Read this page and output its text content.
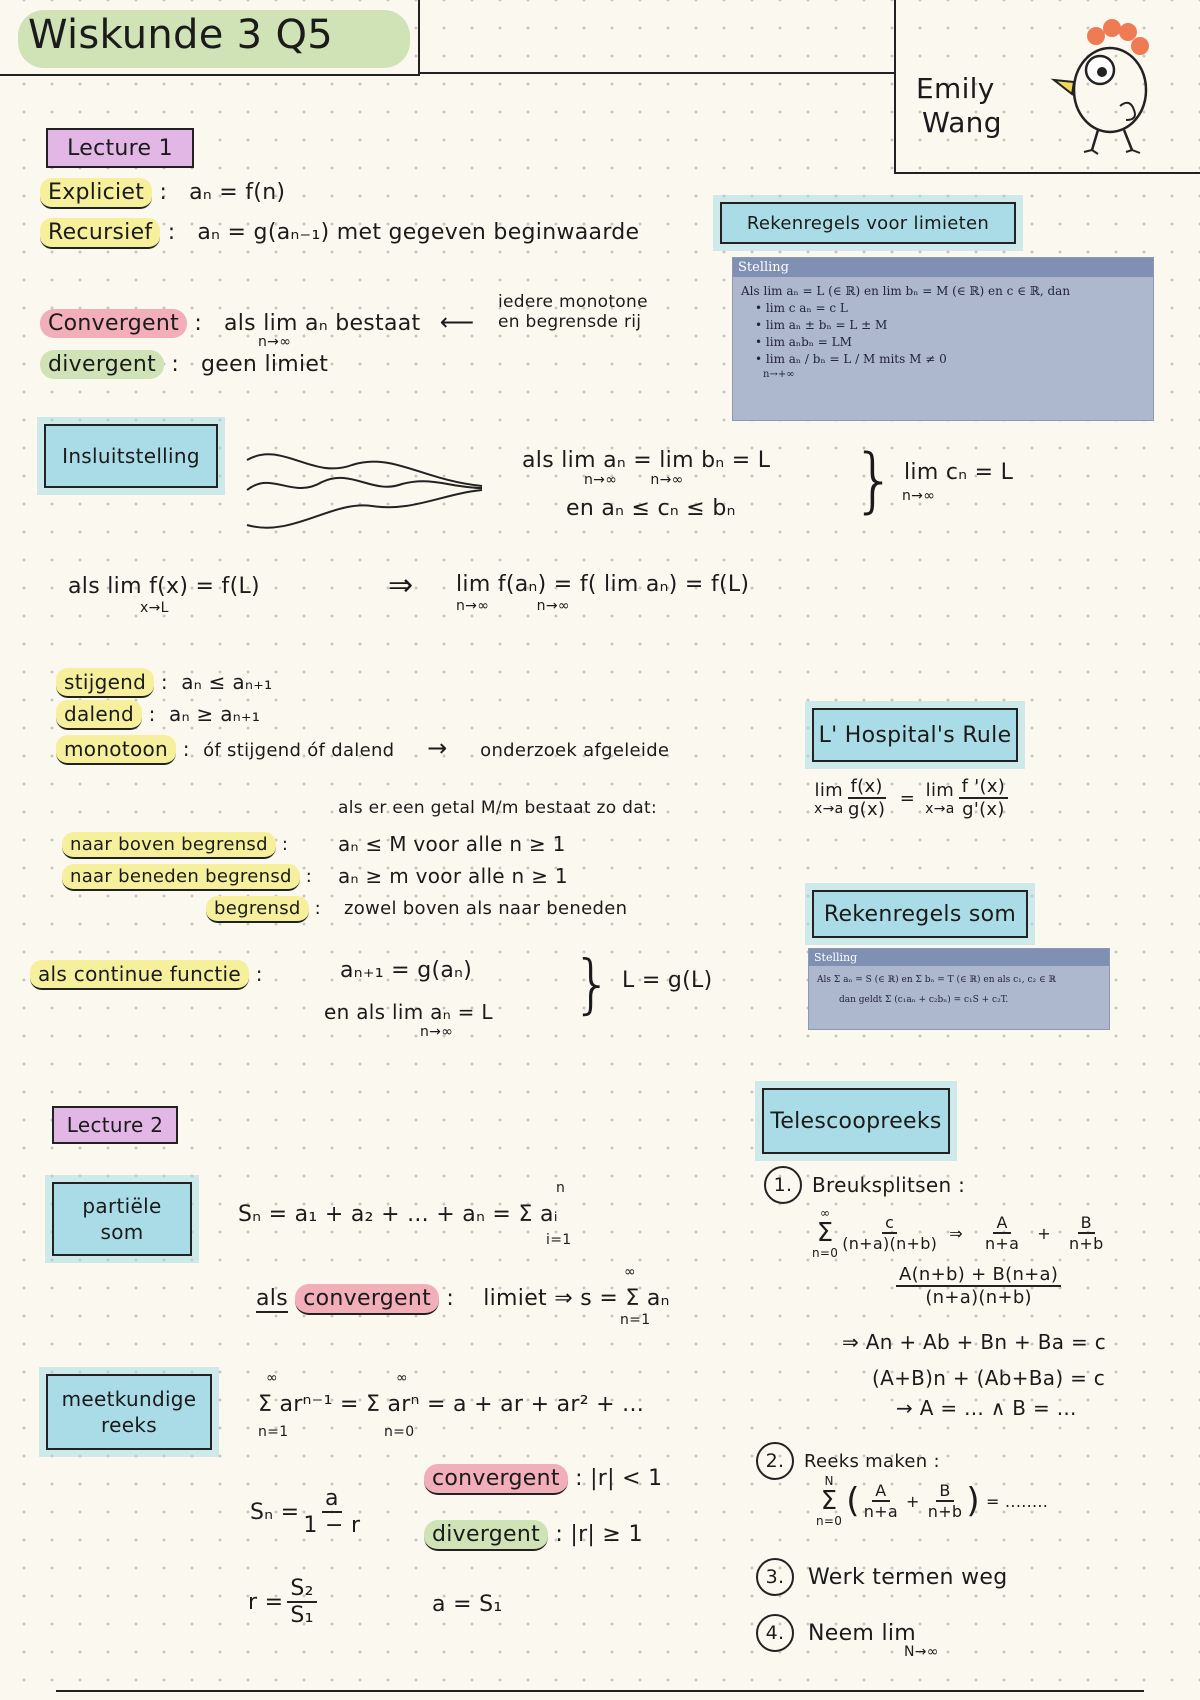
Wiskunde 3 Q5
Emily
Wang
Lecture 1
Expliciet :   aₙ = f(n)
Recursief :   aₙ = g(aₙ₋₁) met gegeven beginwaarde
Convergent :   als lim aₙ bestaat ⟵
n→∞
iedere monotone
en begrensde rij
divergent :   geen limiet
Insluitstelling	als lim aₙ = lim bₙ = L
n→∞       n→∞
en aₙ ≤ cₙ ≤ bₙ } lim cₙ = L
n→∞
als lim f(x) = f(L)
x→L
⇒ lim f(aₙ) = f( lim aₙ) = f(L)
n→∞          n→∞
stijgend :  aₙ ≤ aₙ₊₁
dalend :  aₙ ≥ aₙ₊₁
monotoon :  óf stijgend óf dalend → onderzoek afgeleide
als er een getal M/m bestaat zo dat:
naar boven begrensd : aₙ ≤ M voor alle n ≥ 1
naar beneden begrensd : aₙ ≥ m voor alle n ≥ 1
begrensd : zowel boven als naar beneden
als continue functie :	aₙ₊₁ = g(aₙ)
en als lim aₙ = L
n→∞
} L = g(L)
Rekenregels voor limieten
Stelling
Als lim aₙ = L (∈ ℝ) en lim bₙ = M (∈ ℝ) en c ∈ ℝ, dan
• lim c aₙ = c L
• lim aₙ ± bₙ = L ± M
• lim aₙbₙ = LM
• lim aₙ / bₙ = L / M mits M ≠ 0
n→+∞
L' Hospital's Rule
lim
$x\to a \frac{f(x)}{g(x)} = \lim$
$x\to a \frac{f '(x)}{g'(x)}$
Rekenregels som
Stelling
Als Σ aₙ = S (∈ ℝ) en Σ bₙ = T (∈ ℝ) en als c₁, c₂ ∈ ℝ
dan geldt Σ (c₁aₙ + c₂bₙ) = c₁S + c₂T.
Lecture 2
partiële
som
Sₙ = a₁ + a₂ + ... + aₙ = Σ aᵢ
n
i=1
als convergent :    limiet ⇒ s = Σ aₙ
∞
n=1
meetkundige
reeks
Σ arⁿ⁻¹ = Σ arⁿ = a + ar + ar² + ...
∞
n=1
∞
n=0
$S_n = \frac{a}{1 - r}$
convergent : |r| < 1
divergent : |r| ≥ 1
$r = \frac{\text{S₂}}{\text{S₁}}$	a = S₁
Telescoopreeks
1. Breuksplitsen :
∞
Σ
$n=0 \frac{c}{(n+a)(n+b)}$ ⇒ $\frac{A}{n+a} + \frac{B}{n+b}$
$\frac{A(n+b) + B(n+a)}{(n+a)(n+b)}$
⇒ An + Ab + Bn + Ba = c
(A+B)n + (Ab+Ba) = c
→ A = ... ∧ B = ...
2.	Reeks maken :
N
Σ
n=0 ( $\frac{A}{n+a} + \frac{B}{n+b}$ ) = ........
3.	Werk termen weg
4.	Neem lim
N→∞
